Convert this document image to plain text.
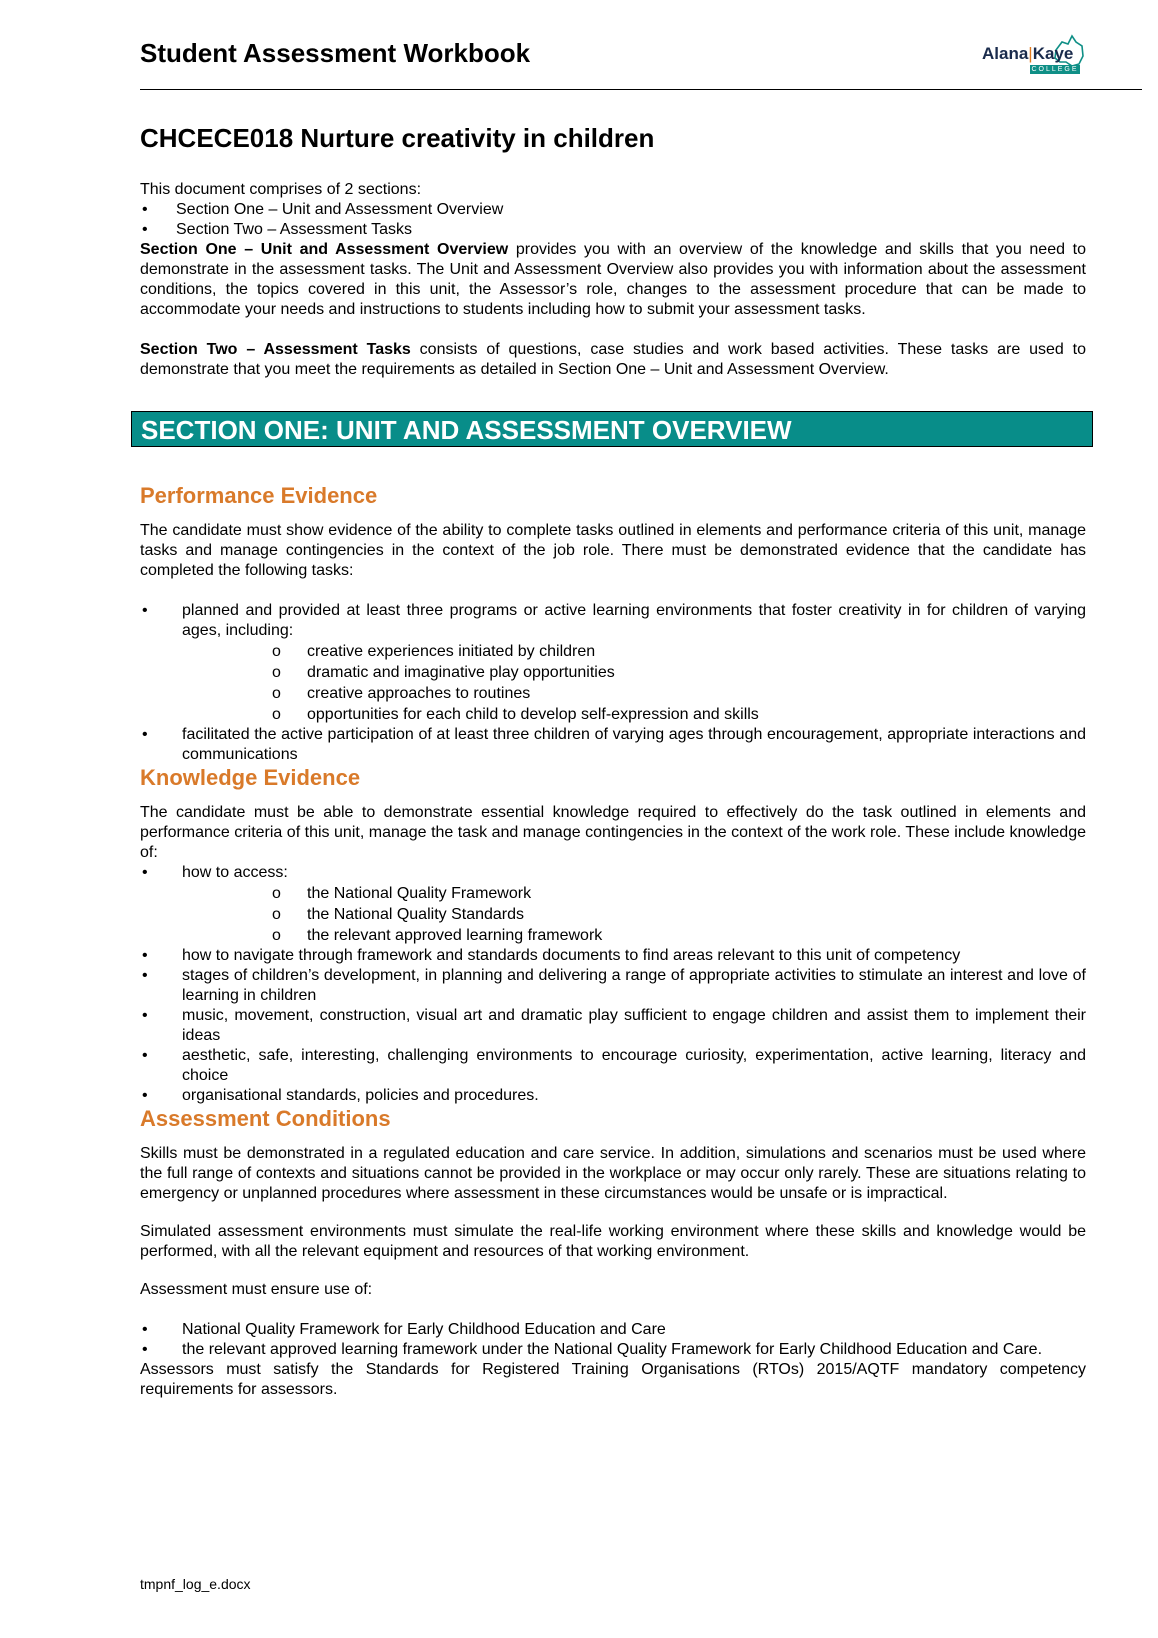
Student Assessment Workbook	Alana|Kaye
COLLEGE
CHCECE018 Nurture creativity in children

This document comprises of 2 sections:

• Section One – Unit and Assessment Overview
• Section Two – Assessment Tasks

Section One – Unit and Assessment Overview provides you with an overview of the knowledge and skills that you need to demonstrate in the assessment tasks. The Unit and Assessment Overview also provides you with information about the assessment conditions, the topics covered in this unit, the Assessor’s role, changes to the assessment procedure that can be made to accommodate your needs and instructions to students including how to submit your assessment tasks.

Section Two – Assessment Tasks consists of questions, case studies and work based activities. These tasks are used to demonstrate that you meet the requirements as detailed in Section One – Unit and Assessment Overview.

SECTION ONE: UNIT AND ASSESSMENT OVERVIEW
Performance Evidence

The candidate must show evidence of the ability to complete tasks outlined in elements and performance criteria of this unit, manage tasks and manage contingencies in the context of the job role. There must be demonstrated evidence that the candidate has completed the following tasks:

• planned and provided at least three programs or active learning environments that foster creativity in for children of varying ages, including:
o creative experiences initiated by children
o dramatic and imaginative play opportunities
o creative approaches to routines
o opportunities for each child to develop self-expression and skills
• facilitated the active participation of at least three children of varying ages through encouragement, appropriate interactions and communications
Knowledge Evidence

The candidate must be able to demonstrate essential knowledge required to effectively do the task outlined in elements and performance criteria of this unit, manage the task and manage contingencies in the context of the work role. These include knowledge of:

• how to access:
o the National Quality Framework
o the National Quality Standards
o the relevant approved learning framework
• how to navigate through framework and standards documents to find areas relevant to this unit of competency
• stages of children’s development, in planning and delivering a range of appropriate activities to stimulate an interest and love of learning in children
• music, movement, construction, visual art and dramatic play sufficient to engage children and assist them to implement their ideas
• aesthetic, safe, interesting, challenging environments to encourage curiosity, experimentation, active learning, literacy and choice
• organisational standards, policies and procedures.
Assessment Conditions

Skills must be demonstrated in a regulated education and care service. In addition, simulations and scenarios must be used where the full range of contexts and situations cannot be provided in the workplace or may occur only rarely. These are situations relating to emergency or unplanned procedures where assessment in these circumstances would be unsafe or is impractical.

Simulated assessment environments must simulate the real-life working environment where these skills and knowledge would be performed, with all the relevant equipment and resources of that working environment.

Assessment must ensure use of:

• National Quality Framework for Early Childhood Education and Care
• the relevant approved learning framework under the National Quality Framework for Early Childhood Education and Care.

Assessors must satisfy the Standards for Registered Training Organisations (RTOs) 2015/AQTF mandatory competency requirements for assessors.

tmpnf_log_e.docx
